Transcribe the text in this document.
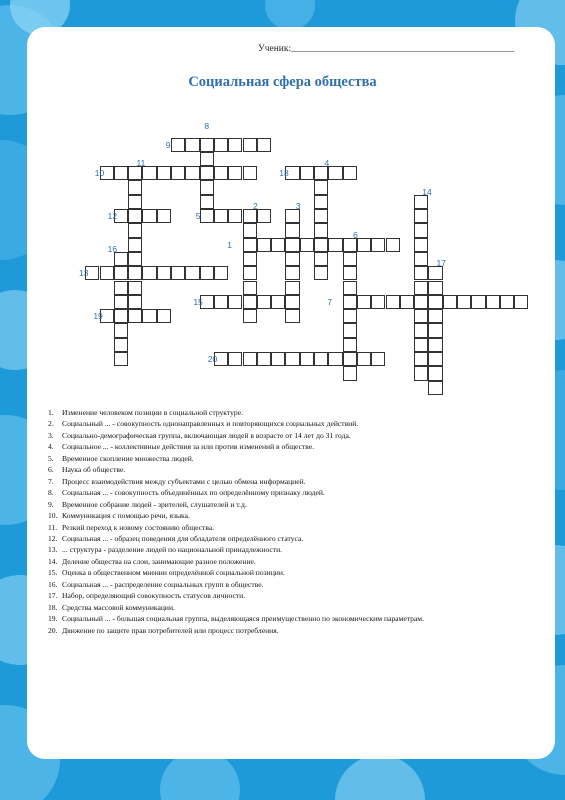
Ученик:_______________________________________________
Социальная сфера общества
8
9
11	4
10	18
14
2	3
12	5
6
16	1
17
13
15	7
19
20
1. Изменение человеком позиции в социальной структуре.
2. Социальный ... - совокупность однонаправленных и повторяющихся социальных действий.
3. Социально-демографическая группа, включающая людей в возрасте от 14 лет до 31 года.
4. Социальное ... - коллективные действия за или против изменений в обществе.
5. Временное скопление множества людей.
6. Наука об обществе.
7. Процесс взаимодействия между субъектами с целью обмена информацией.
8. Социальная ... - совокупность объединённых по определённому признаку людей.
9. Временное собрание людей - зрителей, слушателей и т.д.
10. Коммуникация с помощью речи, языка.
11. Резкий переход к новому состоянию общества.
12. Социальная ... - образец поведения для обладателя определённого статуса.
13. ... структура - разделение людей по национальной принадлежности.
14. Деление общества на слои, занимающие разное положение.
15. Оценка в общественном мнении определённой социальной позиции.
16. Социальная ... - распределение социальных групп в обществе.
17. Набор, определяющий совокупность статусов личности.
18. Средства массовой коммуникации.
19. Социальный ... - большая социальная группа, выделяющаяся преимущественно по экономическим параметрам.
20. Движение по защите прав потребителей или процесс потребления.
